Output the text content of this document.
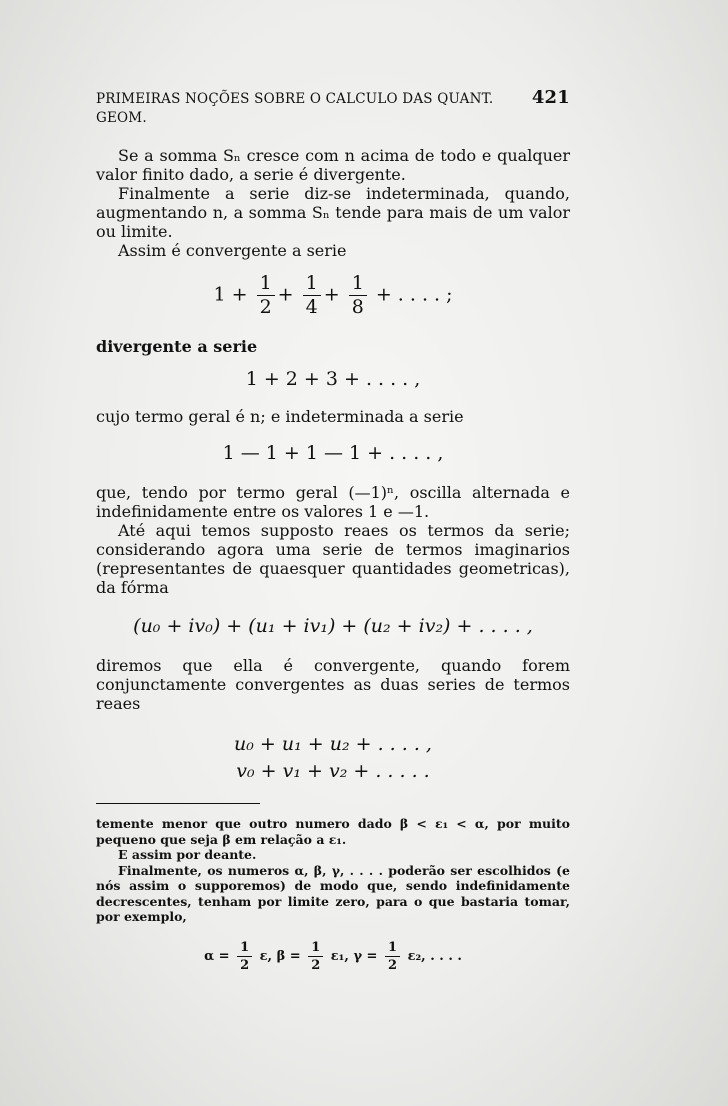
PRIMEIRAS NOÇÕES SOBRE O CALCULO DAS QUANT. GEOM.
421

Se a somma Sₙ cresce com n acima de todo e qualquer valor finito dado, a serie é divergente.

Finalmente a serie diz-se indeterminada, quando, augmentando n, a somma Sₙ tende para mais de um valor ou limite.

Assim é convergente a serie

$1 + \frac{1}{2} + \frac{1}{4} + \frac{1}{8}$ + . . . . ;

divergente a serie

1 + 2 + 3 + . . . . ,

cujo termo geral é n; e indeterminada a serie

1 — 1 + 1 — 1 + . . . . ,

que, tendo por termo geral (—1)ⁿ, oscilla alternada e indefinidamente entre os valores 1 e —1.

Até aqui temos supposto reaes os termos da serie; considerando agora uma serie de termos imaginarios (representantes de quaesquer quantidades geometricas), da fórma

(u₀ + iv₀) + (u₁ + iv₁) + (u₂ + iv₂) + . . . . ,

diremos que ella é convergente, quando forem conjunctamente convergentes as duas series de termos reaes

u₀ + u₁ + u₂ + . . . . ,
v₀ + v₁ + v₂ + . . . . .

temente menor que outro numero dado β < ε₁ < α, por muito pequeno que seja β em relação a ε₁.

E assim por deante.

Finalmente, os numeros α, β, γ, . . . . poderão ser escolhidos (e nós assim o supporemos) de modo que, sendo indefinidamente decrescentes, tenham por limite zero, para o que bastaria tomar, por exemplo,

$\alpha = \frac{1}{2} \varepsilon$, $\beta = \frac{1}{2} \varepsilon_1$, $\gamma = \frac{1}{2} \varepsilon_2$, . . . .
